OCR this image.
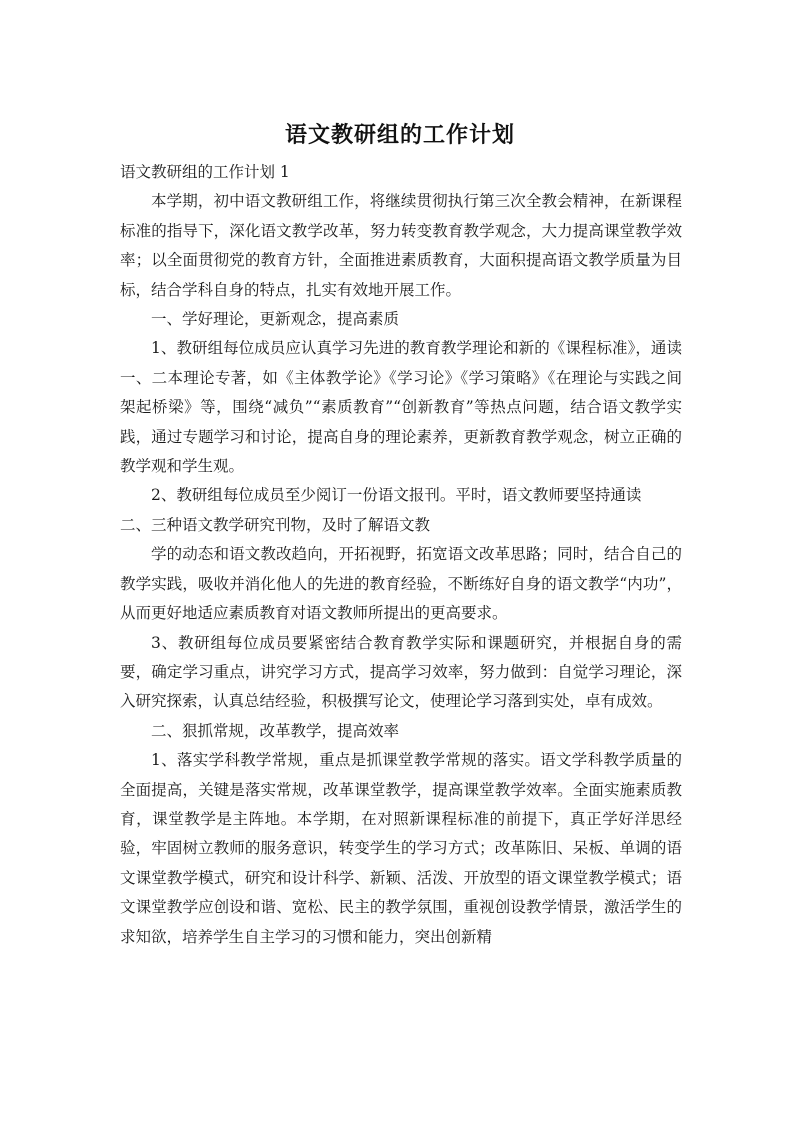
语文教研组的工作计划

语文教研组的工作计划 1

本学期，初中语文教研组工作，将继续贯彻执行第三次全教会精神，在新课程标准的指导下，深化语文教学改革，努力转变教育教学观念，大力提高课堂教学效率；以全面贯彻党的教育方针，全面推进素质教育，大面积提高语文教学质量为目标，结合学科自身的特点，扎实有效地开展工作。

一、学好理论，更新观念，提高素质

1、教研组每位成员应认真学习先进的教育教学理论和新的《课程标准》，通读一、二本理论专著，如《主体教学论》《学习论》《学习策略》《在理论与实践之间架起桥梁》等，围绕“减负”“素质教育”“创新教育”等热点问题，结合语文教学实践，通过专题学习和讨论，提高自身的理论素养，更新教育教学观念，树立正确的教学观和学生观。

2、教研组每位成员至少阅订一份语文报刊。平时，语文教师要坚持通读

二、三种语文教学研究刊物，及时了解语文教

学的动态和语文教改趋向，开拓视野，拓宽语文改革思路；同时，结合自己的教学实践，吸收并消化他人的先进的教育经验，不断练好自身的语文教学“内功”，从而更好地适应素质教育对语文教师所提出的更高要求。

3、教研组每位成员要紧密结合教育教学实际和课题研究，并根据自身的需要，确定学习重点，讲究学习方式，提高学习效率，努力做到：自觉学习理论，深入研究探索，认真总结经验，积极撰写论文，使理论学习落到实处，卓有成效。

二、狠抓常规，改革教学，提高效率

1、落实学科教学常规，重点是抓课堂教学常规的落实。语文学科教学质量的全面提高，关键是落实常规，改革课堂教学，提高课堂教学效率。全面实施素质教育，课堂教学是主阵地。本学期，在对照新课程标准的前提下，真正学好洋思经验，牢固树立教师的服务意识，转变学生的学习方式；改革陈旧、呆板、单调的语文课堂教学模式，研究和设计科学、新颖、活泼、开放型的语文课堂教学模式；语文课堂教学应创设和谐、宽松、民主的教学氛围，重视创设教学情景，激活学生的求知欲，培养学生自主学习的习惯和能力，突出创新精
